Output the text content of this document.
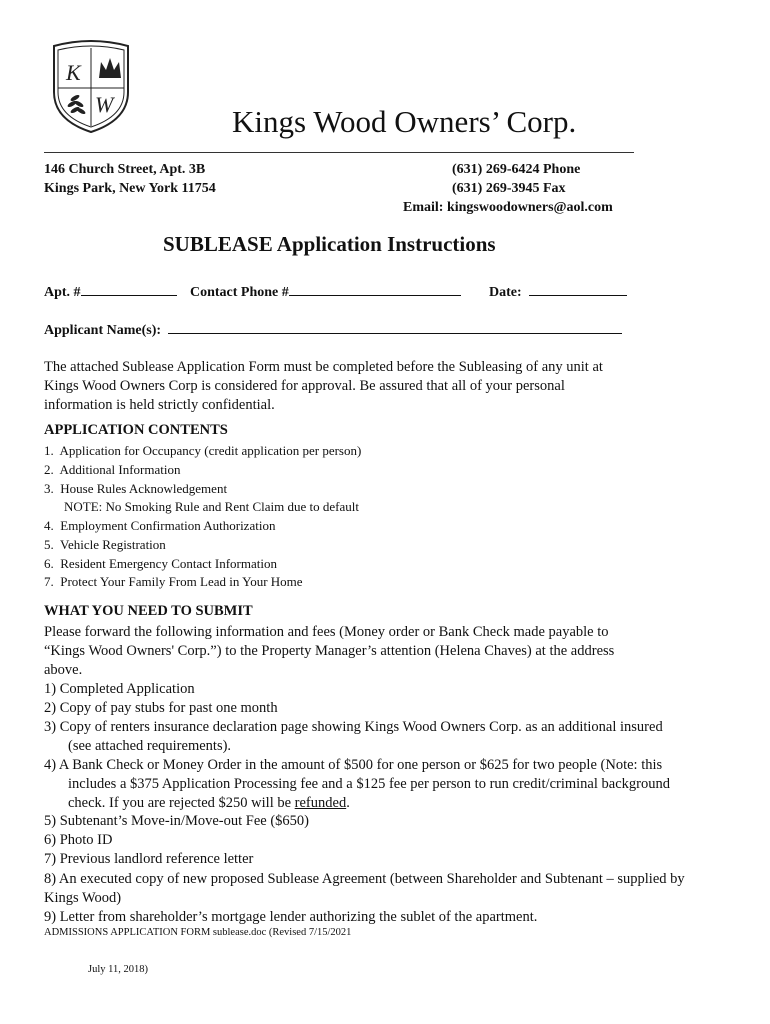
K
W	Kings Wood Owners’ Corp.
146 Church Street, Apt. 3B
Kings Park, New York 11754
(631) 269-6424 Phone
(631) 269-3945 Fax
Email: kingswoodowners@aol.com
SUBLEASE Application Instructions
Apt. #	Contact Phone #	Date:
Applicant Name(s):
The attached Sublease Application Form must be completed before the Subleasing of any unit at
Kings Wood Owners Corp is considered for approval. Be assured that all of your personal
information is held strictly confidential.
APPLICATION CONTENTS
1. Application for Occupancy (credit application per person)
2. Additional Information
3. House Rules Acknowledgement
NOTE: No Smoking Rule and Rent Claim due to default
4. Employment Confirmation Authorization
5. Vehicle Registration
6. Resident Emergency Contact Information
7. Protect Your Family From Lead in Your Home
WHAT YOU NEED TO SUBMIT
Please forward the following information and fees (Money order or Bank Check made payable to
“Kings Wood Owners' Corp.”) to the Property Manager’s attention (Helena Chaves) at the address
above.
1) Completed Application
2) Copy of pay stubs for past one month
3) Copy of renters insurance declaration page showing Kings Wood Owners Corp. as an additional insured
(see attached requirements).
4) A Bank Check or Money Order in the amount of $500 for one person or $625 for two people (Note: this
includes a $375 Application Processing fee and a $125 fee per person to run credit/criminal background
check. If you are rejected $250 will be refunded.
5) Subtenant’s Move-in/Move-out Fee ($650)
6) Photo ID
7) Previous landlord reference letter
8) An executed copy of new proposed Sublease Agreement (between Shareholder and Subtenant – supplied by
Kings Wood)
9) Letter from shareholder’s mortgage lender authorizing the sublet of the apartment.
ADMISSIONS APPLICATION FORM sublease.doc (Revised 7/15/2021
July 11, 2018)
